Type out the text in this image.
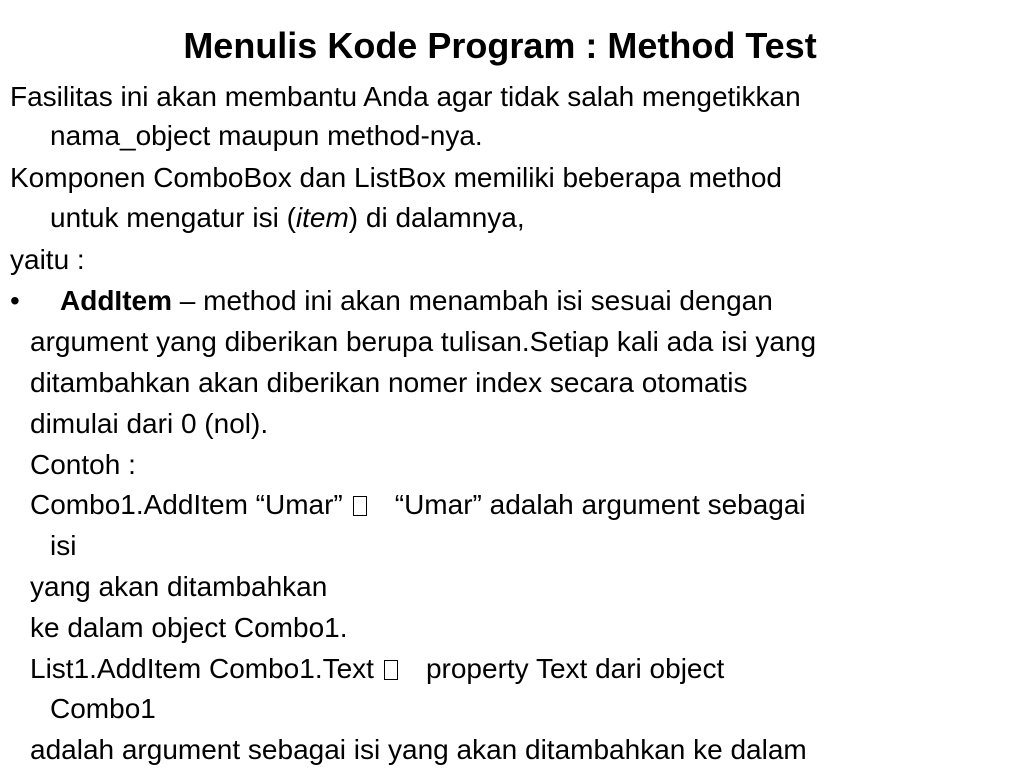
Menulis Kode Program : Method Test
Fasilitas ini akan membantu Anda agar tidak salah mengetikkan
nama_object maupun method-nya.
Komponen ComboBox dan ListBox memiliki beberapa method
untuk mengatur isi (item) di dalamnya,
yaitu :
• AddItem – method ini akan menambah isi sesuai dengan
argument yang diberikan berupa tulisan.Setiap kali ada isi yang
ditambahkan akan diberikan nomer index secara otomatis
dimulai dari 0 (nol).
Contoh :
Combo1.AddItem “Umar” “Umar” adalah argument sebagai
isi
yang akan ditambahkan
ke dalam object Combo1.
List1.AddItem Combo1.Text property Text dari object
Combo1
adalah argument sebagai isi yang akan ditambahkan ke dalam
